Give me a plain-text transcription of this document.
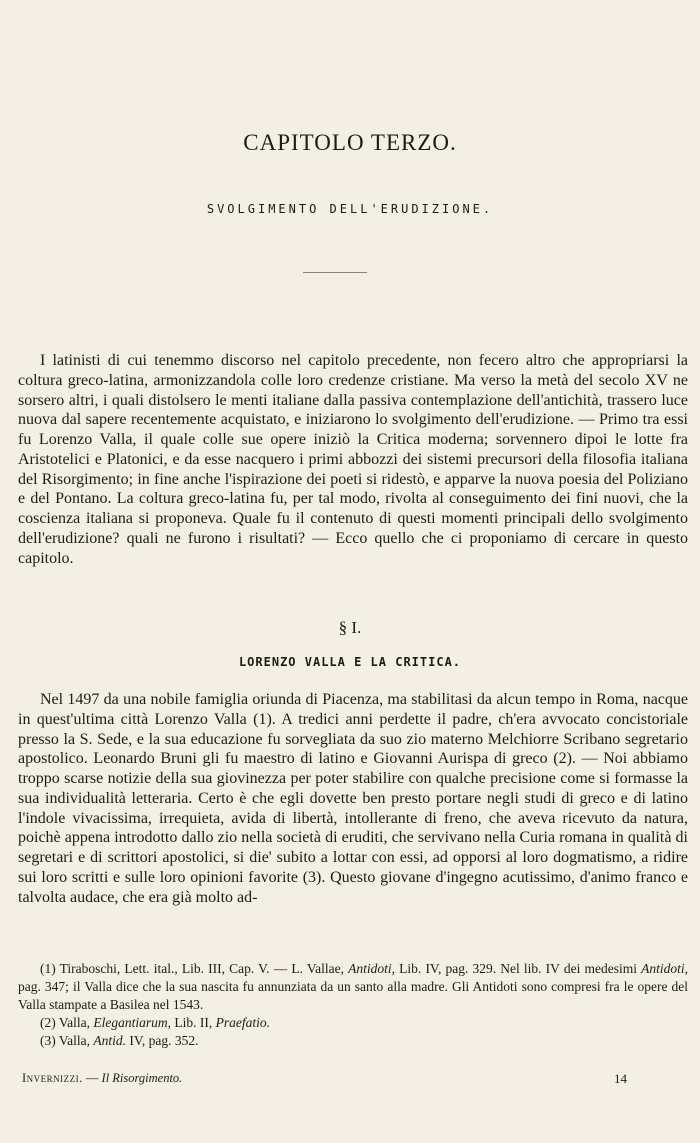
CAPITOLO TERZO.
SVOLGIMENTO DELL'ERUDIZIONE.

I latinisti di cui tenemmo discorso nel capitolo precedente, non fecero altro che appropriarsi la coltura greco-latina, armonizzandola colle loro credenze cristiane. Ma verso la metà del secolo XV ne sorsero altri, i quali distolsero le menti italiane dalla passiva contemplazione dell'antichità, trassero luce nuova dal sapere recentemente acquistato, e iniziarono lo svolgimento dell'erudizione. — Primo tra essi fu Lorenzo Valla, il quale colle sue opere iniziò la Critica moderna; sorvennero dipoi le lotte fra Aristotelici e Platonici, e da esse nacquero i primi abbozzi dei sistemi precursori della filosofia italiana del Risorgimento; in fine anche l'ispirazione dei poeti si ridestò, e apparve la nuova poesia del Poliziano e del Pontano. La coltura greco-latina fu, per tal modo, rivolta al conseguimento dei fini nuovi, che la coscienza italiana si proponeva. Quale fu il contenuto di questi momenti principali dello svolgimento dell'erudizione? quali ne furono i risultati? — Ecco quello che ci proponiamo di cercare in questo capitolo.

§ I.
LORENZO VALLA E LA CRITICA.

Nel 1497 da una nobile famiglia oriunda di Piacenza, ma stabilitasi da alcun tempo in Roma, nacque in quest'ultima città Lorenzo Valla (1). A tredici anni perdette il padre, ch'era avvocato concistoriale presso la S. Sede, e la sua educazione fu sorvegliata da suo zio materno Melchiorre Scribano segretario apostolico. Leonardo Bruni gli fu maestro di latino e Giovanni Aurispa di greco (2). — Noi abbiamo troppo scarse notizie della sua giovinezza per poter stabilire con qualche precisione come si formasse la sua individualità letteraria. Certo è che egli dovette ben presto portare negli studi di greco e di latino l'indole vivacissima, irrequieta, avida di libertà, intollerante di freno, che aveva ricevuto da natura, poichè appena introdotto dallo zio nella società di eruditi, che servivano nella Curia romana in qualità di segretari e di scrittori apostolici, si die' subito a lottar con essi, ad opporsi al loro dogmatismo, a ridire sui loro scritti e sulle loro opinioni favorite (3). Questo giovane d'ingegno acutissimo, d'animo franco e talvolta audace, che era già molto ad-

(1) Tiraboschi, Lett. ital., Lib. III, Cap. V. — L. Vallae, Antidoti, Lib. IV, pag. 329. Nel lib. IV dei medesimi Antidoti, pag. 347; il Valla dice che la sua nascita fu annunziata da un santo alla madre. Gli Antidoti sono compresi fra le opere del Valla stampate a Basilea nel 1543.

(2) Valla, Elegantiarum, Lib. II, Praefatio.

(3) Valla, Antid. IV, pag. 352.

Invernizzi. — Il Risorgimento.	14
